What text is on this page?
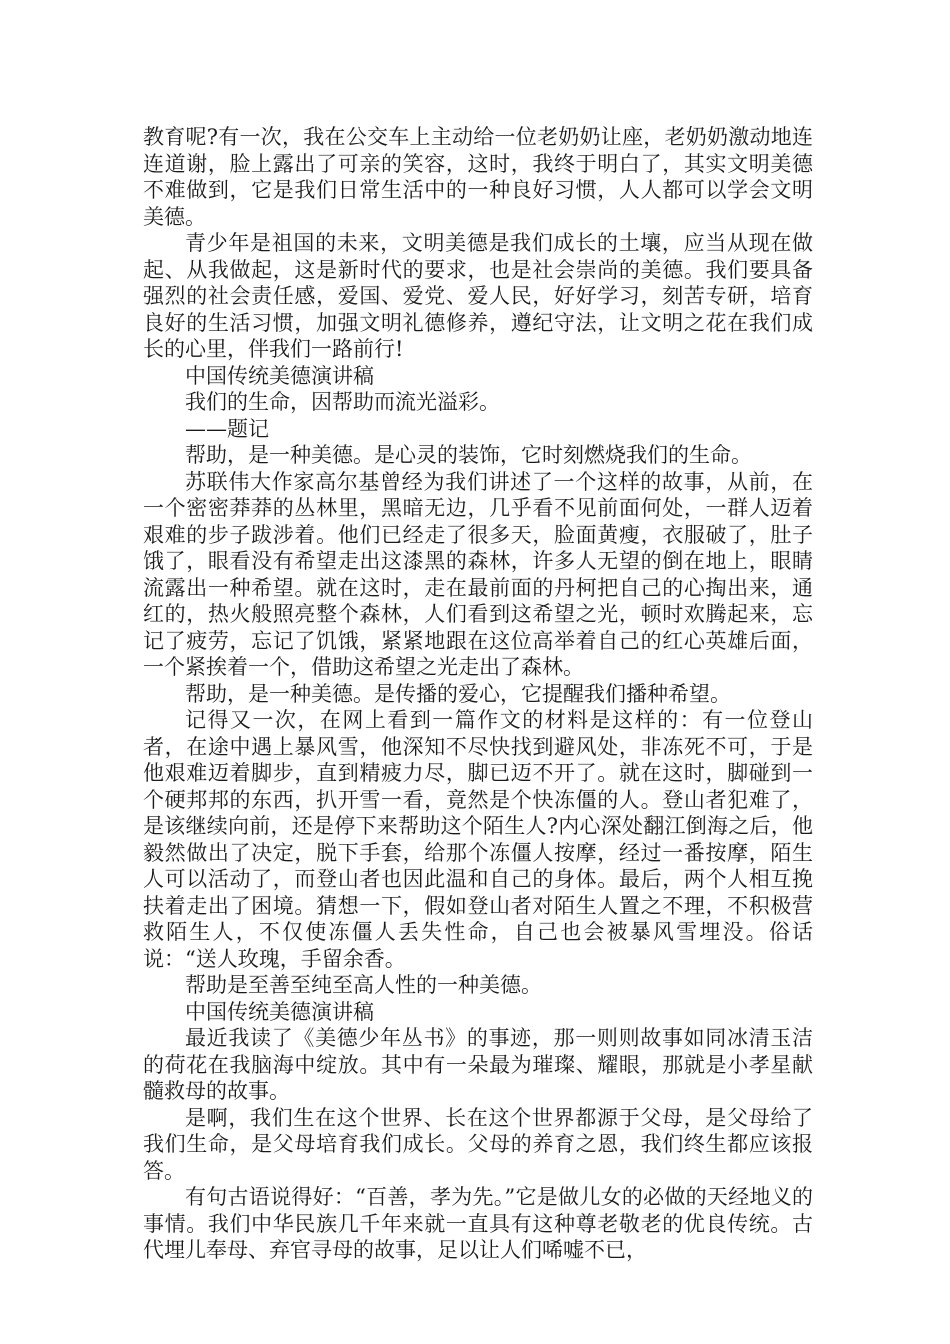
教育呢?有一次，我在公交车上主动给一位老奶奶让座，老奶奶激动地连连道谢，脸上露出了可亲的笑容，这时，我终于明白了，其实文明美德不难做到，它是我们日常生活中的一种良好习惯，人人都可以学会文明美德。

青少年是祖国的未来，文明美德是我们成长的土壤，应当从现在做起、从我做起，这是新时代的要求，也是社会崇尚的美德。我们要具备强烈的社会责任感，爱国、爱党、爱人民，好好学习，刻苦专研，培育良好的生活习惯，加强文明礼德修养，遵纪守法，让文明之花在我们成长的心里，伴我们一路前行!

中国传统美德演讲稿

我们的生命，因帮助而流光溢彩。

——题记

帮助，是一种美德。是心灵的装饰，它时刻燃烧我们的生命。

苏联伟大作家高尔基曾经为我们讲述了一个这样的故事，从前，在一个密密莽莽的丛林里，黑暗无边，几乎看不见前面何处，一群人迈着艰难的步子跋涉着。他们已经走了很多天，脸面黄瘦，衣服破了，肚子饿了，眼看没有希望走出这漆黑的森林，许多人无望的倒在地上，眼睛流露出一种希望。就在这时，走在最前面的丹柯把自己的心掏出来，通红的，热火般照亮整个森林，人们看到这希望之光，顿时欢腾起来，忘记了疲劳，忘记了饥饿，紧紧地跟在这位高举着自己的红心英雄后面，一个紧挨着一个，借助这希望之光走出了森林。

帮助，是一种美德。是传播的爱心，它提醒我们播种希望。

记得又一次，在网上看到一篇作文的材料是这样的：有一位登山者，在途中遇上暴风雪，他深知不尽快找到避风处，非冻死不可，于是他艰难迈着脚步，直到精疲力尽，脚已迈不开了。就在这时，脚碰到一个硬邦邦的东西，扒开雪一看，竟然是个快冻僵的人。登山者犯难了，是该继续向前，还是停下来帮助这个陌生人?内心深处翻江倒海之后，他毅然做出了决定，脱下手套，给那个冻僵人按摩，经过一番按摩，陌生人可以活动了，而登山者也因此温和自己的身体。最后，两个人相互挽扶着走出了困境。猜想一下，假如登山者对陌生人置之不理，不积极营救陌生人，不仅使冻僵人丢失性命，自己也会被暴风雪埋没。俗话说：“送人玫瑰，手留余香。

帮助是至善至纯至高人性的一种美德。

中国传统美德演讲稿

最近我读了《美德少年丛书》的事迹，那一则则故事如同冰清玉洁的荷花在我脑海中绽放。其中有一朵最为璀璨、耀眼，那就是小孝星献髓救母的故事。

是啊，我们生在这个世界、长在这个世界都源于父母，是父母给了我们生命，是父母培育我们成长。父母的养育之恩，我们终生都应该报答。

有句古语说得好：“百善，孝为先。”它是做儿女的必做的天经地义的事情。我们中华民族几千年来就一直具有这种尊老敬老的优良传统。古代埋儿奉母、弃官寻母的故事，足以让人们唏嘘不已，
